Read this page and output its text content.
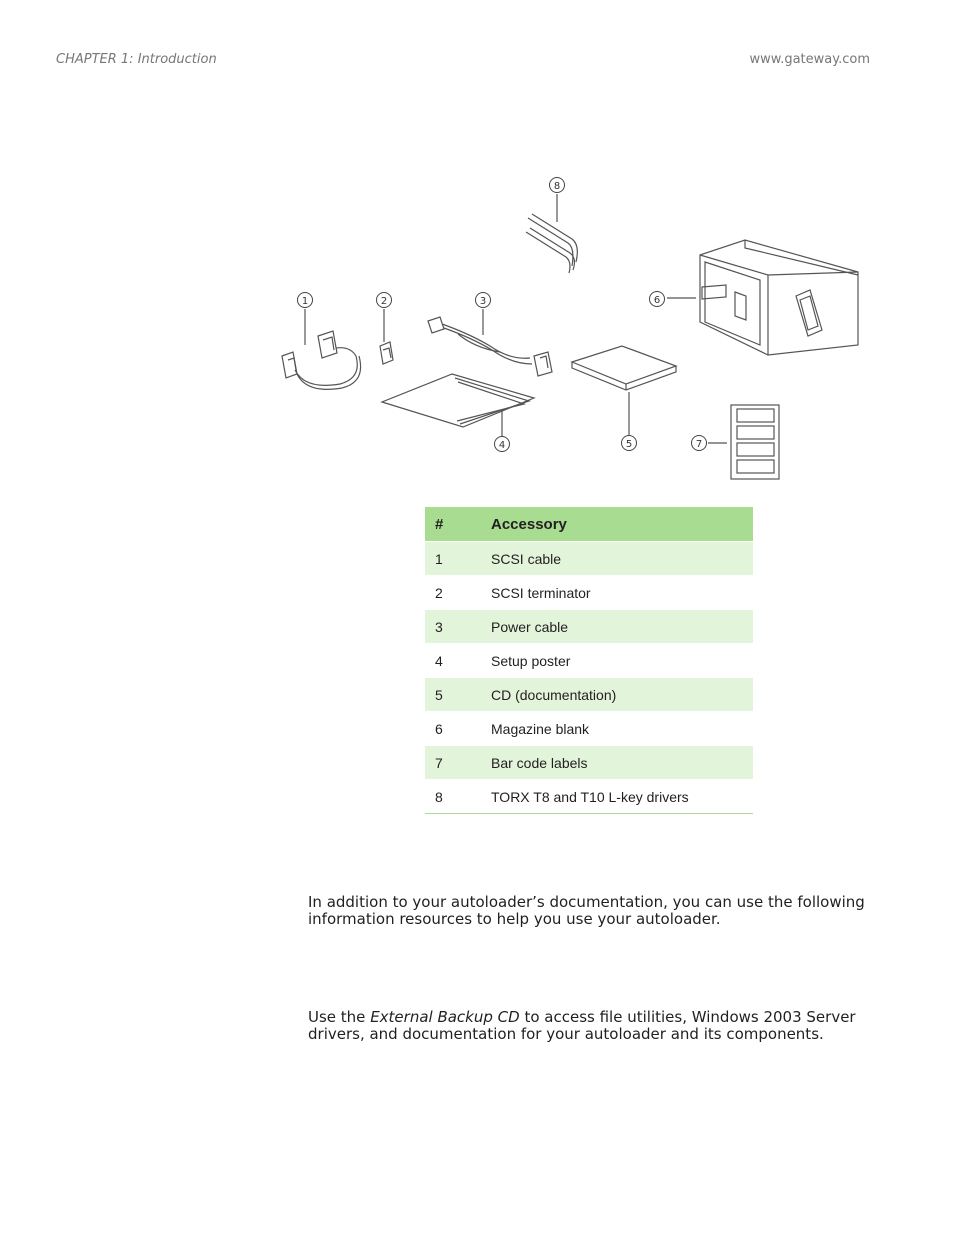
CHAPTER 1: Introduction	www.gateway.com
8
1	2	3	6
4	5	7
#	Accessory
1	SCSI cable
2	SCSI terminator
3	Power cable
4	Setup poster
5	CD (documentation)
6	Magazine blank
7	Bar code labels
8	TORX T8 and T10 L-key drivers

In addition to your autoloader’s documentation, you can use the following information resources to help you use your autoloader.

Use the External Backup CD to access file utilities, Windows 2003 Server drivers, and documentation for your autoloader and its components.
